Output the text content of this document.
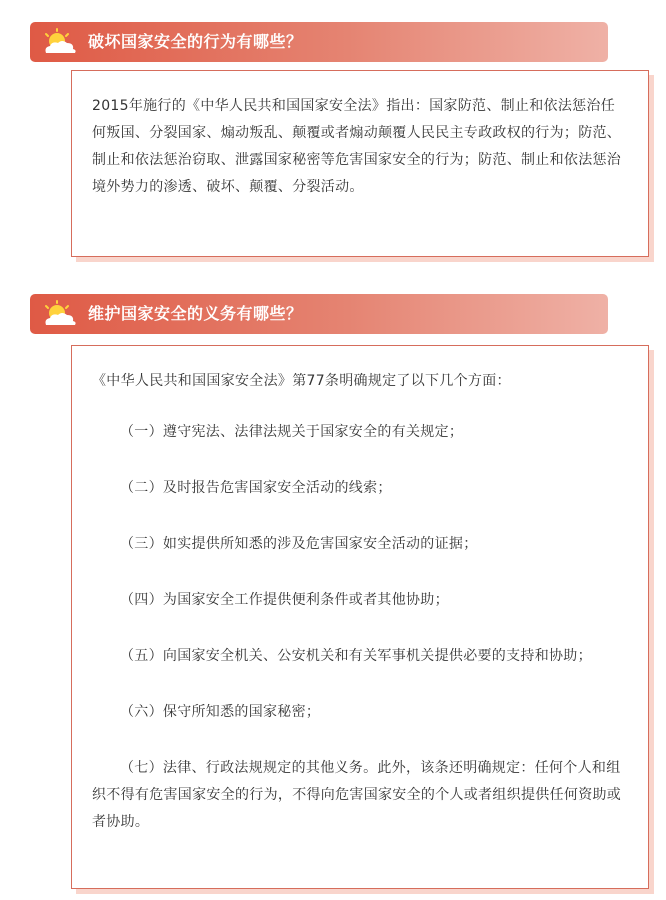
破坏国家安全的行为有哪些？

2015年施行的《中华人民共和国国家安全法》指出：国家防范、制止和依法惩治任何叛国、分裂国家、煽动叛乱、颠覆或者煽动颠覆人民民主专政政权的行为；防范、制止和依法惩治窃取、泄露国家秘密等危害国家安全的行为；防范、制止和依法惩治境外势力的渗透、破坏、颠覆、分裂活动。

维护国家安全的义务有哪些？

《中华人民共和国国家安全法》第77条明确规定了以下几个方面：

（一）遵守宪法、法律法规关于国家安全的有关规定；

（二）及时报告危害国家安全活动的线索；

（三）如实提供所知悉的涉及危害国家安全活动的证据；

（四）为国家安全工作提供便利条件或者其他协助；

（五）向国家安全机关、公安机关和有关军事机关提供必要的支持和协助；

（六）保守所知悉的国家秘密；

（七）法律、行政法规规定的其他义务。此外，该条还明确规定：任何个人和组织不得有危害国家安全的行为，不得向危害国家安全的个人或者组织提供任何资助或者协助。
